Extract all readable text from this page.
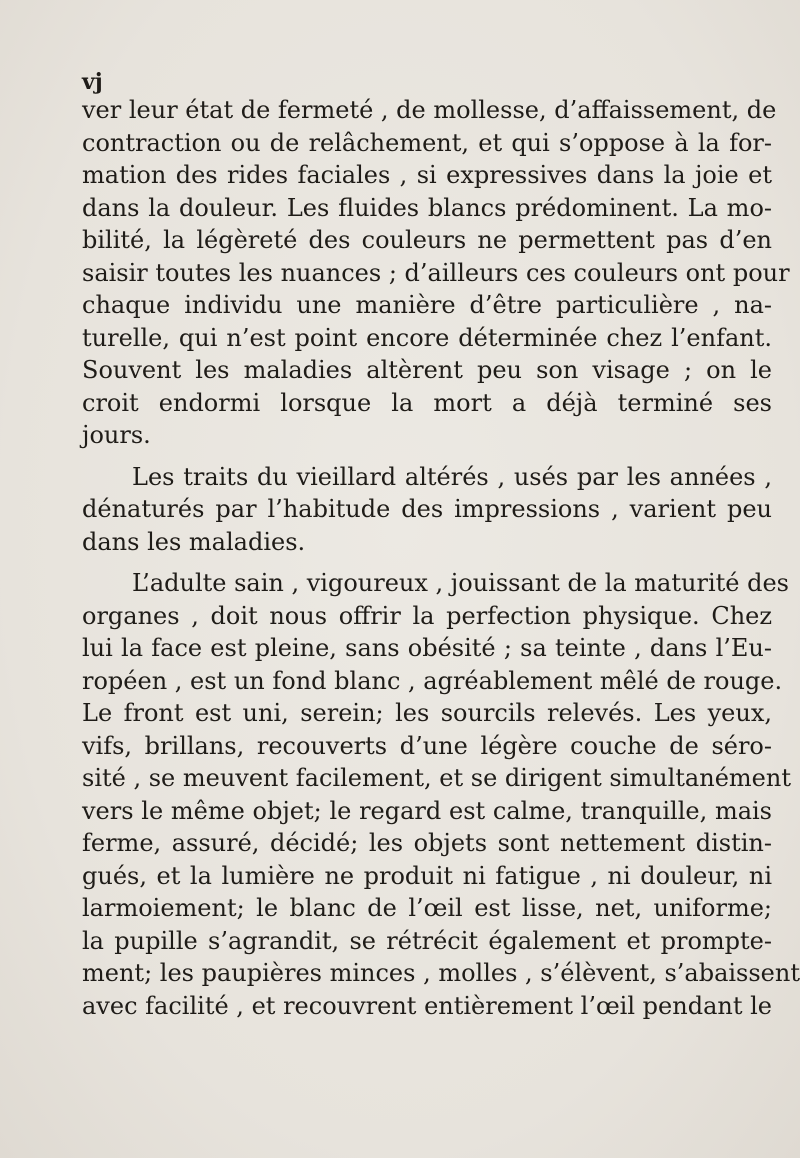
vj
ver leur état de fermeté , de mollesse, d’affaissement, de
contraction ou de relâchement, et qui s’oppose à la for-
mation des rides faciales , si expressives dans la joie et
dans la douleur. Les fluides blancs prédominent. La mo-
bilité, la légèreté des couleurs ne permettent pas d’en
saisir toutes les nuances ; d’ailleurs ces couleurs ont pour
chaque individu une manière d’être particulière , na-
turelle, qui n’est point encore déterminée chez l’enfant.
Souvent les maladies altèrent peu son visage ; on le
croit endormi lorsque la mort a déjà terminé ses
jours.
Les traits du vieillard altérés , usés par les années ,
dénaturés par l’habitude des impressions , varient peu
dans les maladies.
L’adulte sain , vigoureux , jouissant de la maturité des
organes , doit nous offrir la perfection physique. Chez
lui la face est pleine, sans obésité ; sa teinte , dans l’Eu-
ropéen , est un fond blanc , agréablement mêlé de rouge.
Le front est uni, serein; les sourcils relevés. Les yeux,
vifs, brillans, recouverts d’une légère couche de séro-
sité , se meuvent facilement, et se dirigent simultanément
vers le même objet; le regard est calme, tranquille, mais
ferme, assuré, décidé; les objets sont nettement distin-
gués, et la lumière ne produit ni fatigue , ni douleur, ni
larmoiement; le blanc de l’œil est lisse, net, uniforme;
la pupille s’agrandit, se rétrécit également et prompte-
ment; les paupières minces , molles , s’élèvent, s’abaissent
avec facilité , et recouvrent entièrement l’œil pendant le
